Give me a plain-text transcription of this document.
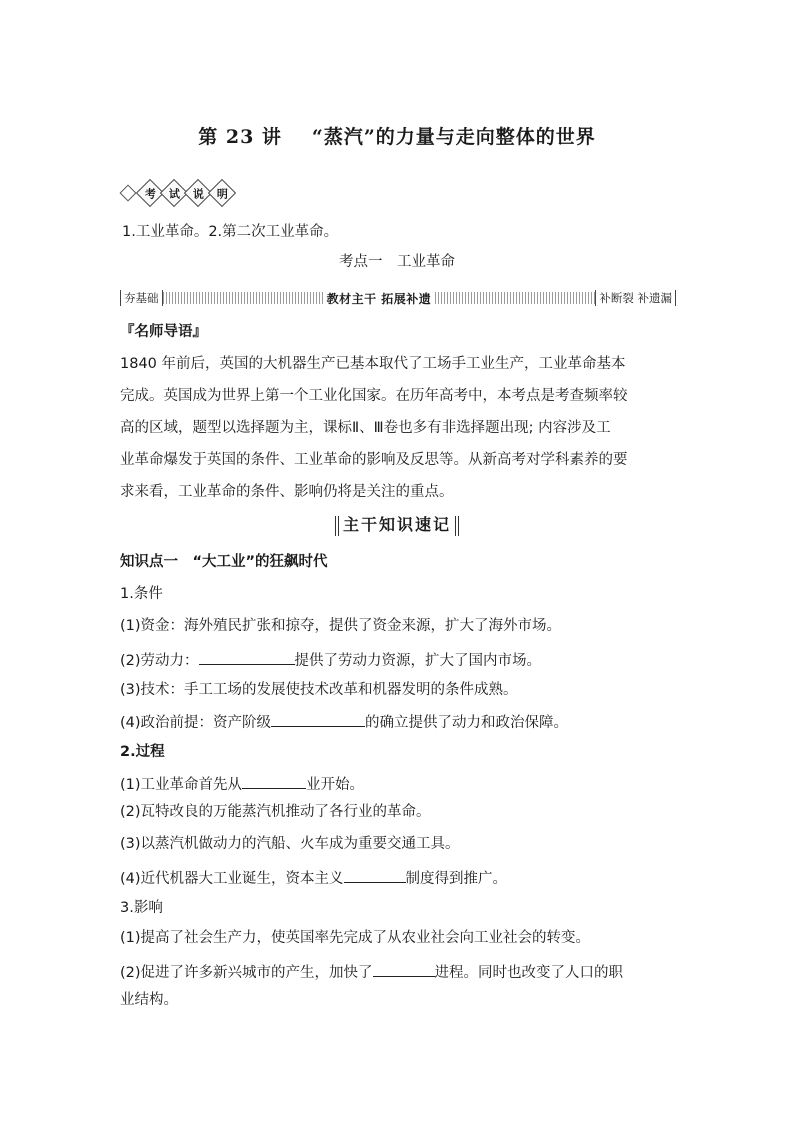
第 23 讲 “蒸汽”的力量与走向整体的世界
考 试 说 明
1.工业革命。2.第二次工业革命。
考点一　工业革命
夯基础	教材主干 拓展补遗	补断裂 补遗漏
『名师导语』
1840 年前后，英国的大机器生产已基本取代了工场手工业生产，工业革命基本
完成。英国成为世界上第一个工业化国家。在历年高考中，本考点是考查频率较
高的区域，题型以选择题为主，课标Ⅱ、Ⅲ卷也多有非选择题出现; 内容涉及工
业革命爆发于英国的条件、工业革命的影响及反思等。从新高考对学科素养的要
求来看，工业革命的条件、影响仍将是关注的重点。
主干知识速记
知识点一　“大工业”的狂飙时代
1.条件
(1)资金：海外殖民扩张和掠夺，提供了资金来源，扩大了海外市场。
(2)劳动力：	提供了劳动力资源，扩大了国内市场。
(3)技术：手工工场的发展使技术改革和机器发明的条件成熟。
(4)政治前提：资产阶级	的确立提供了动力和政治保障。
2.过程
(1)工业革命首先从	业开始。
(2)瓦特改良的万能蒸汽机推动了各行业的革命。
(3)以蒸汽机做动力的汽船、火车成为重要交通工具。
(4)近代机器大工业诞生，资本主义	制度得到推广。
3.影响
(1)提高了社会生产力，使英国率先完成了从农业社会向工业社会的转变。
(2)促进了许多新兴城市的产生，加快了	进程。同时也改变了人口的职
业结构。
